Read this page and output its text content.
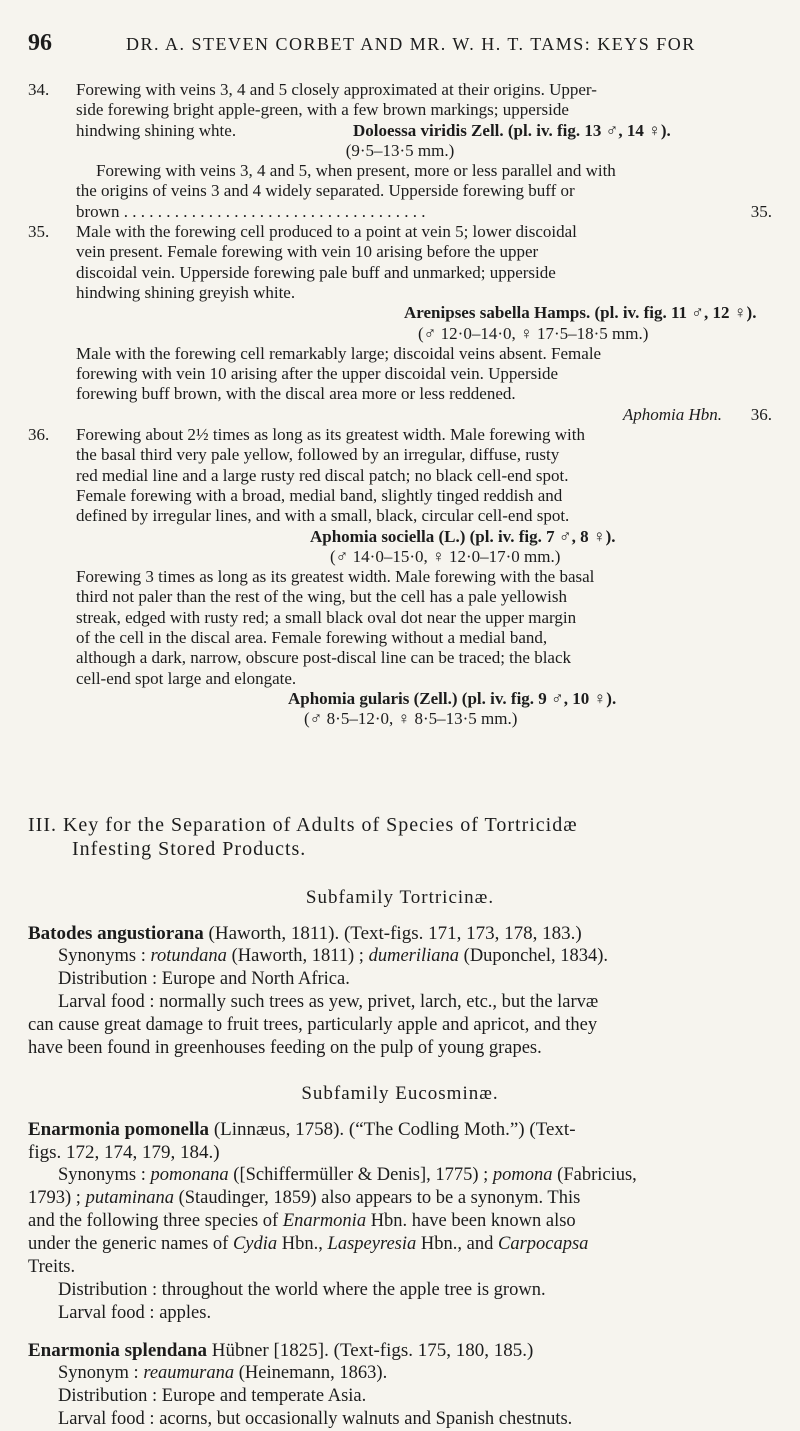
96	DR. A. STEVEN CORBET AND MR. W. H. T. TAMS: KEYS FOR
34. Forewing with veins 3, 4 and 5 closely approximated at their origins. Upper-
side forewing bright apple-green, with a few brown markings; upperside
hindwing shining whte.	Doloessa viridis Zell. (pl. iv. fig. 13 ♂, 14 ♀).
(9·5–13·5 mm.)
Forewing with veins 3, 4 and 5, when present, more or less parallel and with
the origins of veins 3 and 4 widely separated. Upperside forewing buff or
brown . . . . . . . . . . . . . . . . . . . . . . . . . . . . . . . . . . . .	35.
35. Male with the forewing cell produced to a point at vein 5; lower discoidal
vein present. Female forewing with vein 10 arising before the upper
discoidal vein. Upperside forewing pale buff and unmarked; upperside
hindwing shining greyish white.
Arenipses sabella Hamps. (pl. iv. fig. 11 ♂, 12 ♀).
(♂ 12·0–14·0, ♀ 17·5–18·5 mm.)
Male with the forewing cell remarkably large; discoidal veins absent. Female
forewing with vein 10 arising after the upper discoidal vein. Upperside
forewing buff brown, with the discal area more or less reddened.
Aphomia Hbn. 36.
36. Forewing about 2½ times as long as its greatest width. Male forewing with
the basal third very pale yellow, followed by an irregular, diffuse, rusty
red medial line and a large rusty red discal patch; no black cell-end spot.
Female forewing with a broad, medial band, slightly tinged reddish and
defined by irregular lines, and with a small, black, circular cell-end spot.
Aphomia sociella (L.) (pl. iv. fig. 7 ♂, 8 ♀).
(♂ 14·0–15·0, ♀ 12·0–17·0 mm.)
Forewing 3 times as long as its greatest width. Male forewing with the basal
third not paler than the rest of the wing, but the cell has a pale yellowish
streak, edged with rusty red; a small black oval dot near the upper margin
of the cell in the discal area. Female forewing without a medial band,
although a dark, narrow, obscure post-discal line can be traced; the black
cell-end spot large and elongate.
Aphomia gularis (Zell.) (pl. iv. fig. 9 ♂, 10 ♀).
(♂ 8·5–12·0, ♀ 8·5–13·5 mm.)
III. Key for the Separation of Adults of Species of Tortricidæ
Infesting Stored Products.
Subfamily Tortricinæ.
Batodes angustiorana (Haworth, 1811). (Text-figs. 171, 173, 178, 183.)
Synonyms : rotundana (Haworth, 1811) ; dumeriliana (Duponchel, 1834).
Distribution : Europe and North Africa.
Larval food : normally such trees as yew, privet, larch, etc., but the larvæ
can cause great damage to fruit trees, particularly apple and apricot, and they
have been found in greenhouses feeding on the pulp of young grapes.
Subfamily Eucosminæ.
Enarmonia pomonella (Linnæus, 1758). (“The Codling Moth.”) (Text-
figs. 172, 174, 179, 184.)
Synonyms : pomonana ([Schiffermüller & Denis], 1775) ; pomona (Fabricius,
1793) ; putaminana (Staudinger, 1859) also appears to be a synonym. This
and the following three species of Enarmonia Hbn. have been known also
under the generic names of Cydia Hbn., Laspeyresia Hbn., and Carpocapsa
Treits.
Distribution : throughout the world where the apple tree is grown.
Larval food : apples.
Enarmonia splendana Hübner [1825]. (Text-figs. 175, 180, 185.)
Synonym : reaumurana (Heinemann, 1863).
Distribution : Europe and temperate Asia.
Larval food : acorns, but occasionally walnuts and Spanish chestnuts.
